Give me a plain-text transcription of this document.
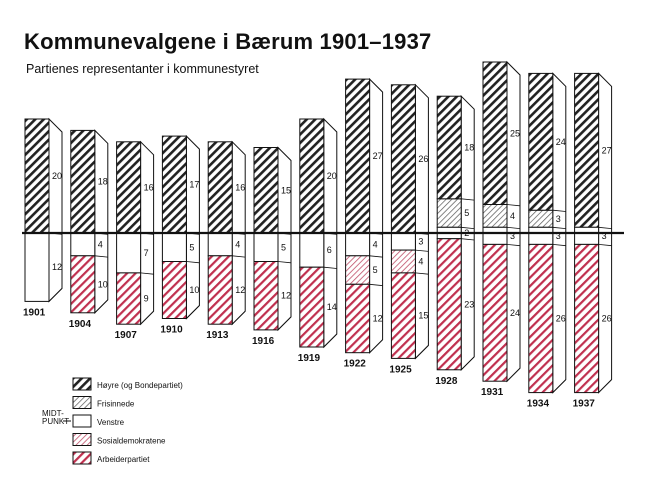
Kommunevalgene i Bærum 1901–1937
Partienes representanter i kommunestyret
20
12
1901
18
4
10
1904
16
7
9
1907
17
5
10
1910
16
4
12
1913
15
5
12
1916
20
6
14
1919
27
4
5
12
1922
26
3
4
15
1925
5
18
2
23
1928
4
25
3
24
1931
3
24
3
26
1934
27
3
26
1937
Høyre (og Bondepartiet)
Frisinnede
Venstre
Sosialdemokratene
Arbeiderpartiet
MIDT-
PUNKT
